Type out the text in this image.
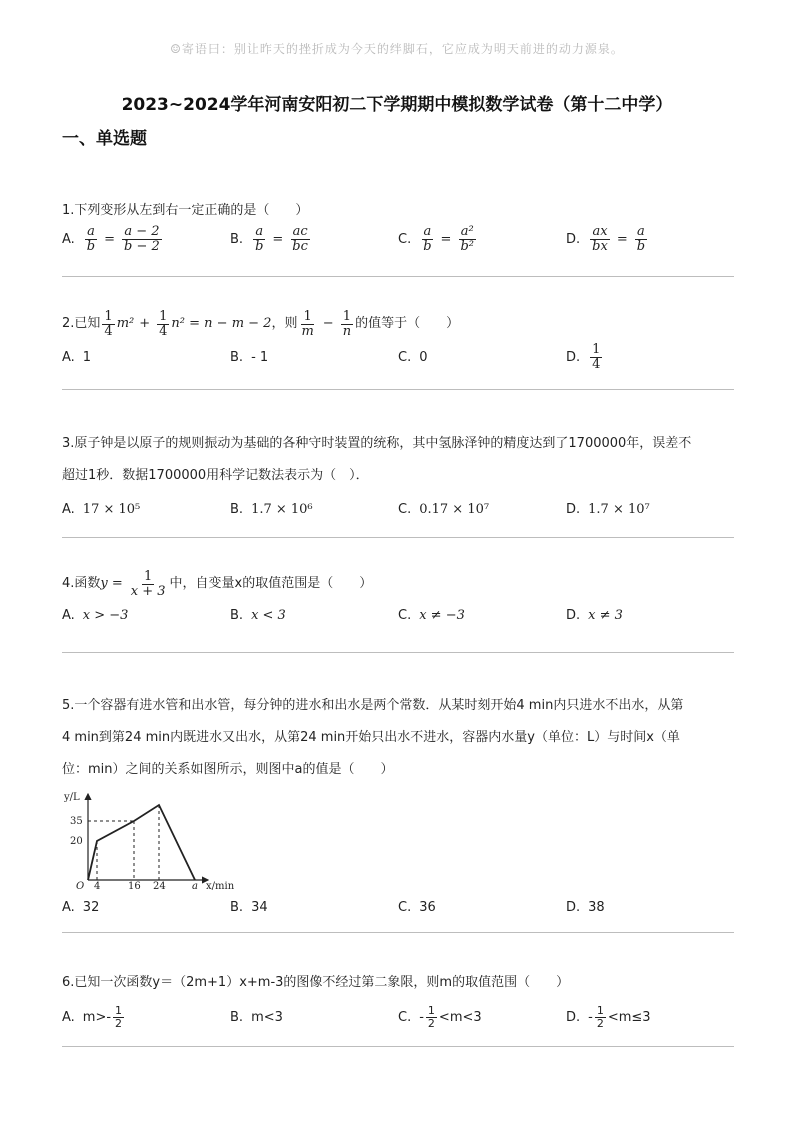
☺寄语曰：别让昨天的挫折成为今天的绊脚石，它应成为明天前进的动力源泉。
2023~2024学年河南安阳初二下学期期中模拟数学试卷（第十二中学）
一、单选题

1.下列变形从左到右一定正确的是（　　）

A. $\frac{a}{b} = \frac{a - 2}{b - 2}$	B. $\frac{a}{b} = \frac{ac}{bc}$	C. $\frac{a}{b} = \frac{\text{a²}}{\text{b²}}$	D. $\frac{ax}{bx} = \frac{a}{b}$

2.已知 $\frac{1}{4} m^2 + \frac{1}{4} n^2 = n - m - 2$ ，则 $\frac{1}{m} - \frac{1}{n}$ 的值等于（　　）

A. 1	B. - 1	C. 0	D. $\frac{1}{4}$

3.原子钟是以原子的规则振动为基础的各种守时装置的统称，其中氢脉泽钟的精度达到了1700000年，误差不
超过1秒．数据1700000用科学记数法表示为（　）．

A. 17 × 10⁵	B. 1.7 × 10⁶	C. 0.17 × 10⁷	D. 1.7 × 10⁷

4.函数 $y = \frac{1}{x + 3}$ 中，自变量x的取值范围是（　　）

A. x > −3	B. x < 3	C. x ≠ −3	D. x ≠ 3

5.一个容器有进水管和出水管，每分钟的进水和出水是两个常数．从某时刻开始4 min内只进水不出水，从第
4 min到第24 min内既进水又出水，从第24 min开始只出水不进水，容器内水量y（单位：L）与时间x（单
位：min）之间的关系如图所示，则图中a的值是（　　）

y/L
35
20
O 4	16 24	a x/min
A. 32	B. 34	C. 36	D. 38

6.已知一次函数y＝（2m+1）x+m-3的图像不经过第二象限，则m的取值范围（　　）

A. $m>- \frac{1}{2}$	B. m<3	C. - $\frac{1}{2} <m<3$	D. - $\frac{1}{2} <m\le 3$
